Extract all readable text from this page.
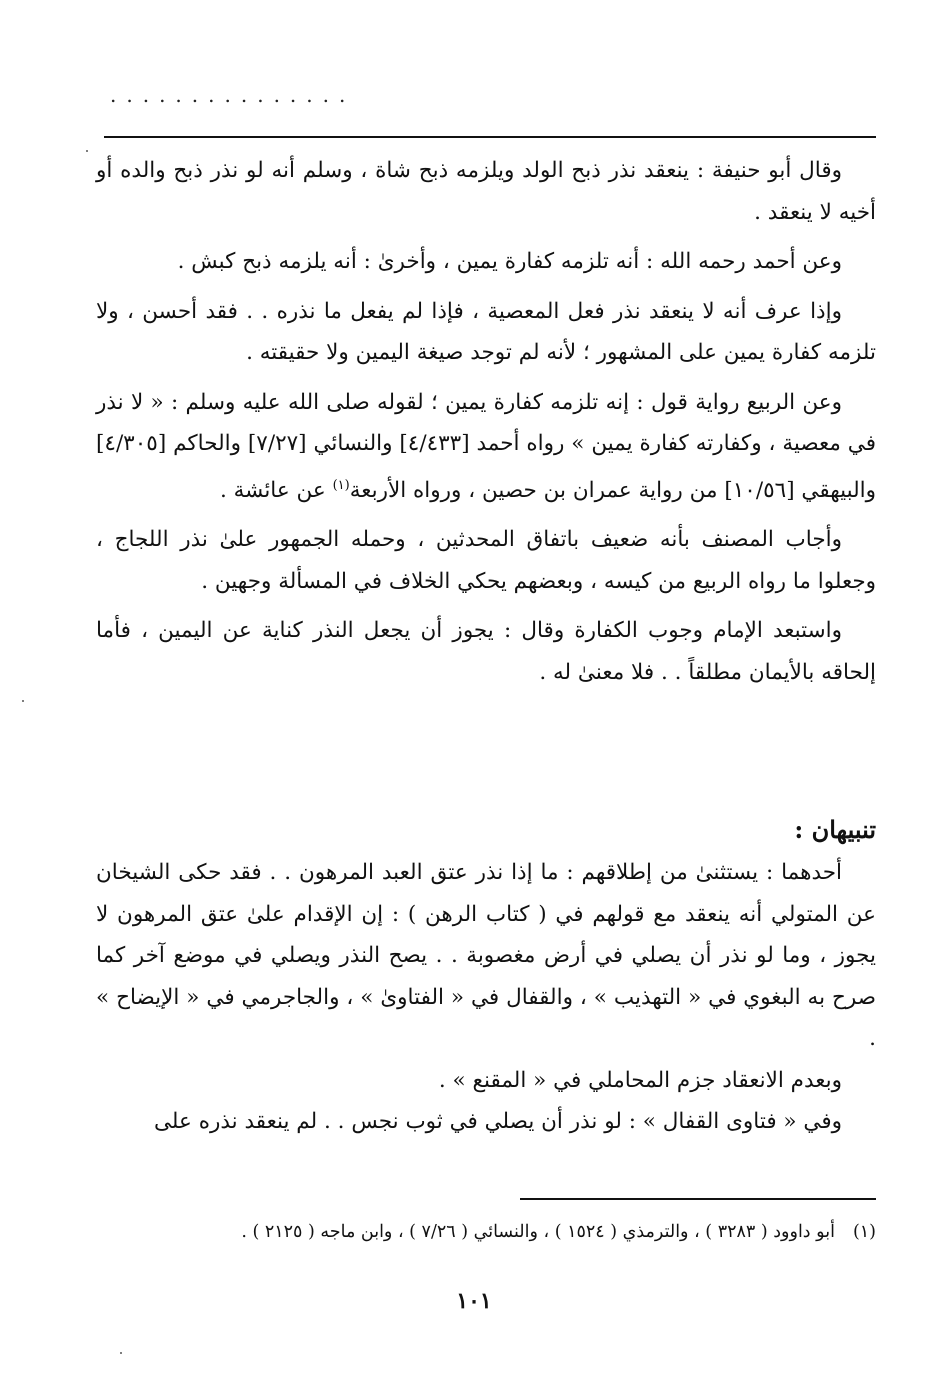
...............

وقال أبو حنيفة : ينعقد نذر ذبح الولد ويلزمه ذبح شاة ، وسلم أنه لو نذر ذبح والده أو أخيه لا ينعقد .

وعن أحمد رحمه الله : أنه تلزمه كفارة يمين ، وأخرىٰ : أنه يلزمه ذبح كبش .

وإذا عرف أنه لا ينعقد نذر فعل المعصية ، فإذا لم يفعل ما نذره . . فقد أحسن ، ولا تلزمه كفارة يمين على المشهور ؛ لأنه لم توجد صيغة اليمين ولا حقيقته .

وعن الربيع رواية قول : إنه تلزمه كفارة يمين ؛ لقوله صلى الله عليه وسلم : « لا نذر في معصية ، وكفارته كفارة يمين » رواه أحمد [٤/٤٣٣] والنسائي [٧/٢٧] والحاكم [٤/٣٠٥] والبيهقي [١٠/٥٦] من رواية عمران بن حصين ، ورواه الأربعة$^{(١)}$ عن عائشة .

وأجاب المصنف بأنه ضعيف باتفاق المحدثين ، وحمله الجمهور علىٰ نذر اللجاج ، وجعلوا ما رواه الربيع من كيسه ، وبعضهم يحكي الخلاف في المسألة وجهين .

واستبعد الإمام وجوب الكفارة وقال : يجوز أن يجعل النذر كناية عن اليمين ، فأما إلحاقه بالأيمان مطلقاً . . فلا معنىٰ له .

تنبيهان :

أحدهما : يستثنىٰ من إطلاقهم : ما إذا نذر عتق العبد المرهون . . فقد حكى الشيخان عن المتولي أنه ينعقد مع قولهم في ( كتاب الرهن ) : إن الإقدام علىٰ عتق المرهون لا يجوز ، وما لو نذر أن يصلي في أرض مغصوبة . . يصح النذر ويصلي في موضع آخر كما صرح به البغوي في « التهذيب » ، والقفال في « الفتاوىٰ » ، والجاجرمي في « الإيضاح » .

وبعدم الانعقاد جزم المحاملي في « المقنع » .

وفي « فتاوى القفال » : لو نذر أن يصلي في ثوب نجس . . لم ينعقد نذره على

(١)أبو داوود ( ٣٢٨٣ ) ، والترمذي ( ١٥٢٤ ) ، والنسائي ( ٧/٢٦ ) ، وابن ماجه ( ٢١٢٥ ) .
١٠١
